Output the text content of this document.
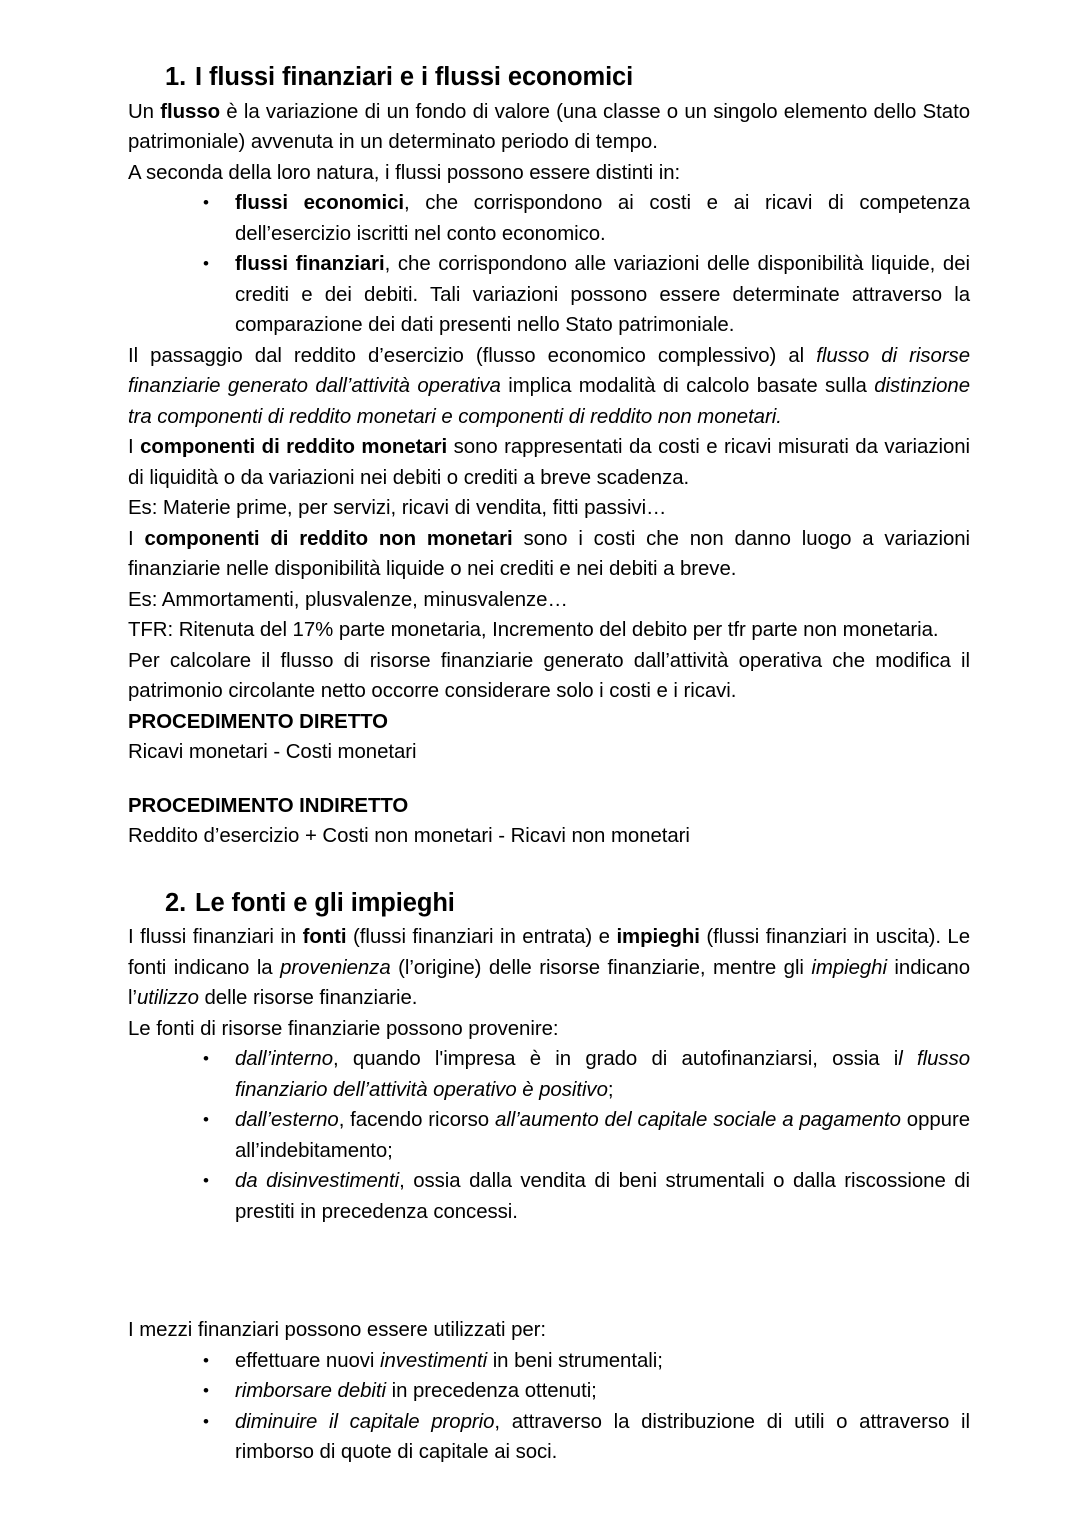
1. I flussi finanziari e i flussi economici

Un flusso è la variazione di un fondo di valore (una classe o un singolo elemento dello Stato patrimoniale) avvenuta in un determinato periodo di tempo.

A seconda della loro natura, i flussi possono essere distinti in:

• flussi economici, che corrispondono ai costi e ai ricavi di competenza dell’esercizio iscritti nel conto economico.
• flussi finanziari, che corrispondono alle variazioni delle disponibilità liquide, dei crediti e dei debiti. Tali variazioni possono essere determinate attraverso la comparazione dei dati presenti nello Stato patrimoniale.

Il passaggio dal reddito d’esercizio (flusso economico complessivo) al flusso di risorse finanziarie generato dall’attività operativa implica modalità di calcolo basate sulla distinzione tra componenti di reddito monetari e componenti di reddito non monetari.

I componenti di reddito monetari sono rappresentati da costi e ricavi misurati da variazioni di liquidità o da variazioni nei debiti o crediti a breve scadenza.

Es: Materie prime, per servizi, ricavi di vendita, fitti passivi…

I componenti di reddito non monetari sono i costi che non danno luogo a variazioni finanziarie nelle disponibilità liquide o nei crediti e nei debiti a breve.

Es: Ammortamenti, plusvalenze, minusvalenze…

TFR: Ritenuta del 17% parte monetaria, Incremento del debito per tfr parte non monetaria.

Per calcolare il flusso di risorse finanziarie generato dall’attività operativa che modifica il patrimonio circolante netto occorre considerare solo i costi e i ricavi.

PROCEDIMENTO DIRETTO

Ricavi monetari - Costi monetari

PROCEDIMENTO INDIRETTO

Reddito d’esercizio + Costi non monetari - Ricavi non monetari

2. Le fonti e gli impieghi

I flussi finanziari in fonti (flussi finanziari in entrata) e impieghi (flussi finanziari in uscita). Le fonti indicano la provenienza (l’origine) delle risorse finanziarie, mentre gli impieghi indicano l’utilizzo delle risorse finanziarie.

Le fonti di risorse finanziarie possono provenire:

• dall’interno, quando l'impresa è in grado di autofinanziarsi, ossia il flusso finanziario dell’attività operativo è positivo;
• dall’esterno, facendo ricorso all’aumento del capitale sociale a pagamento oppure all’indebitamento;
• da disinvestimenti, ossia dalla vendita di beni strumentali o dalla riscossione di prestiti in precedenza concessi.

I mezzi finanziari possono essere utilizzati per:

• effettuare nuovi investimenti in beni strumentali;
• rimborsare debiti in precedenza ottenuti;
• diminuire il capitale proprio, attraverso la distribuzione di utili o attraverso il rimborso di quote di capitale ai soci.
